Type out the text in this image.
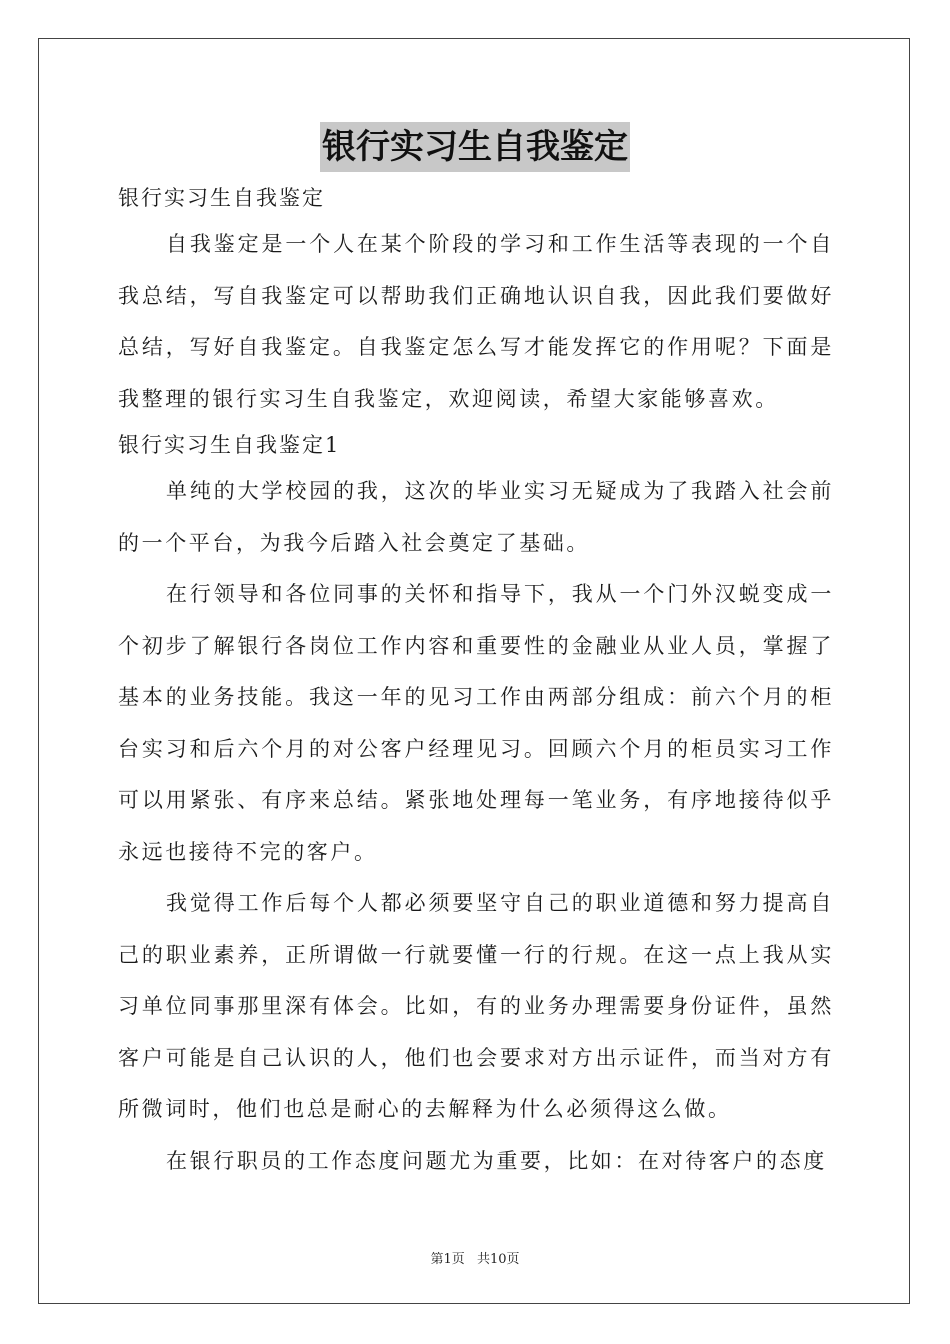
银行实习生自我鉴定

银行实习生自我鉴定

自我鉴定是一个人在某个阶段的学习和工作生活等表现的一个自我总结，写自我鉴定可以帮助我们正确地认识自我，因此我们要做好总结，写好自我鉴定。自我鉴定怎么写才能发挥它的作用呢？下面是我整理的银行实习生自我鉴定，欢迎阅读，希望大家能够喜欢。

银行实习生自我鉴定1

单纯的大学校园的我，这次的毕业实习无疑成为了我踏入社会前的一个平台，为我今后踏入社会奠定了基础。

在行领导和各位同事的关怀和指导下，我从一个门外汉蜕变成一个初步了解银行各岗位工作内容和重要性的金融业从业人员，掌握了基本的业务技能。我这一年的见习工作由两部分组成：前六个月的柜台实习和后六个月的对公客户经理见习。回顾六个月的柜员实习工作可以用紧张、有序来总结。紧张地处理每一笔业务，有序地接待似乎永远也接待不完的客户。

我觉得工作后每个人都必须要坚守自己的职业道德和努力提高自己的职业素养，正所谓做一行就要懂一行的行规。在这一点上我从实习单位同事那里深有体会。比如，有的业务办理需要身份证件，虽然客户可能是自己认识的人，他们也会要求对方出示证件，而当对方有所微词时，他们也总是耐心的去解释为什么必须得这么做。

在银行职员的工作态度问题尤为重要，比如：在对待客户的态度

第1页 共10页
